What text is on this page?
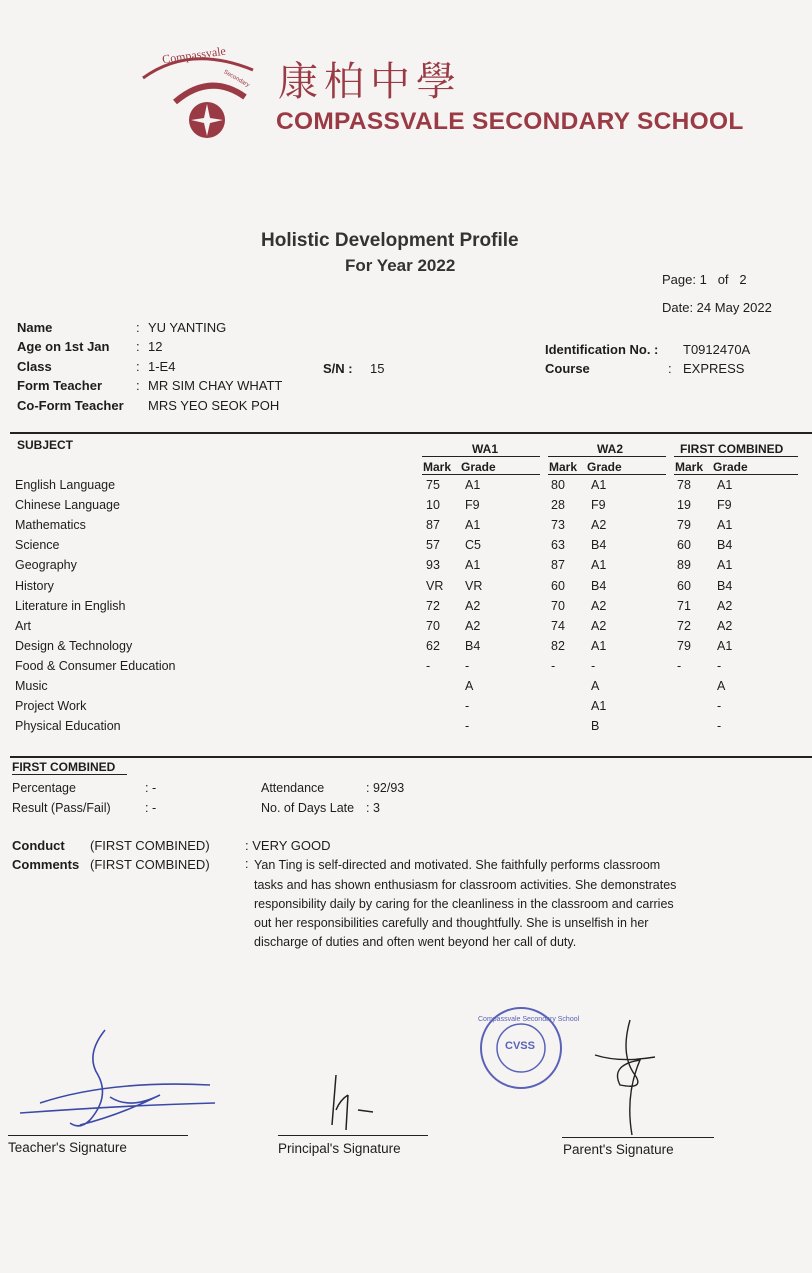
Compassvale
Secondary 康柏中學
COMPASSVALE SECONDARY SCHOOL
Holistic Development Profile
For Year 2022
Page: 1 of 2
Date: 24 May 2022
Name	: YU YANTING
Age on 1st Jan : 12
Class	: 1-E4	S/N : 15
Form Teacher	: MR SIM CHAY WHATT
Co-Form Teacher MRS YEO SEOK POH
Identification No. : T0912470A
Course	: EXPRESS
SUBJECT	WA1	WA2	FIRST COMBINED
Mark Grade	Mark Grade	Mark Grade
English Language	75 A1	80 A1	78 A1
Chinese Language	10 F9	28 F9	19 F9
Mathematics	87 A1	73 A2	79 A1
Science	57 C5	63 B4	60 B4
Geography	93 A1	87 A1	89 A1
History	VR VR	60 B4	60 B4
Literature in English	72 A2	70 A2	71 A2
Art	70 A2	74 A2	72 A2
Design & Technology	62 B4	82 A1	79 A1
Food & Consumer Education	-	-	-	-	-	-
Music	A	A	A
Project Work	-	A1	-
Physical Education	-	B	-
FIRST COMBINED
Percentage	: -
Result (Pass/Fail)	: -
Attendance	: 92/93
No. of Days Late : 3
Conduct (FIRST COMBINED)	: VERY GOOD
Comments (FIRST COMBINED)	: Yan Ting is self-directed and motivated. She faithfully performs classroom
tasks and has shown enthusiasm for classroom activities. She demonstrates
responsibility daily by caring for the cleanliness in the classroom and carries
out her responsibilities carefully and thoughtfully. She is unselfish in her
discharge of duties and often went beyond her call of duty.
CVSS
Compassvale Secondary School
Teacher's Signature	Principal's Signature	Parent's Signature
